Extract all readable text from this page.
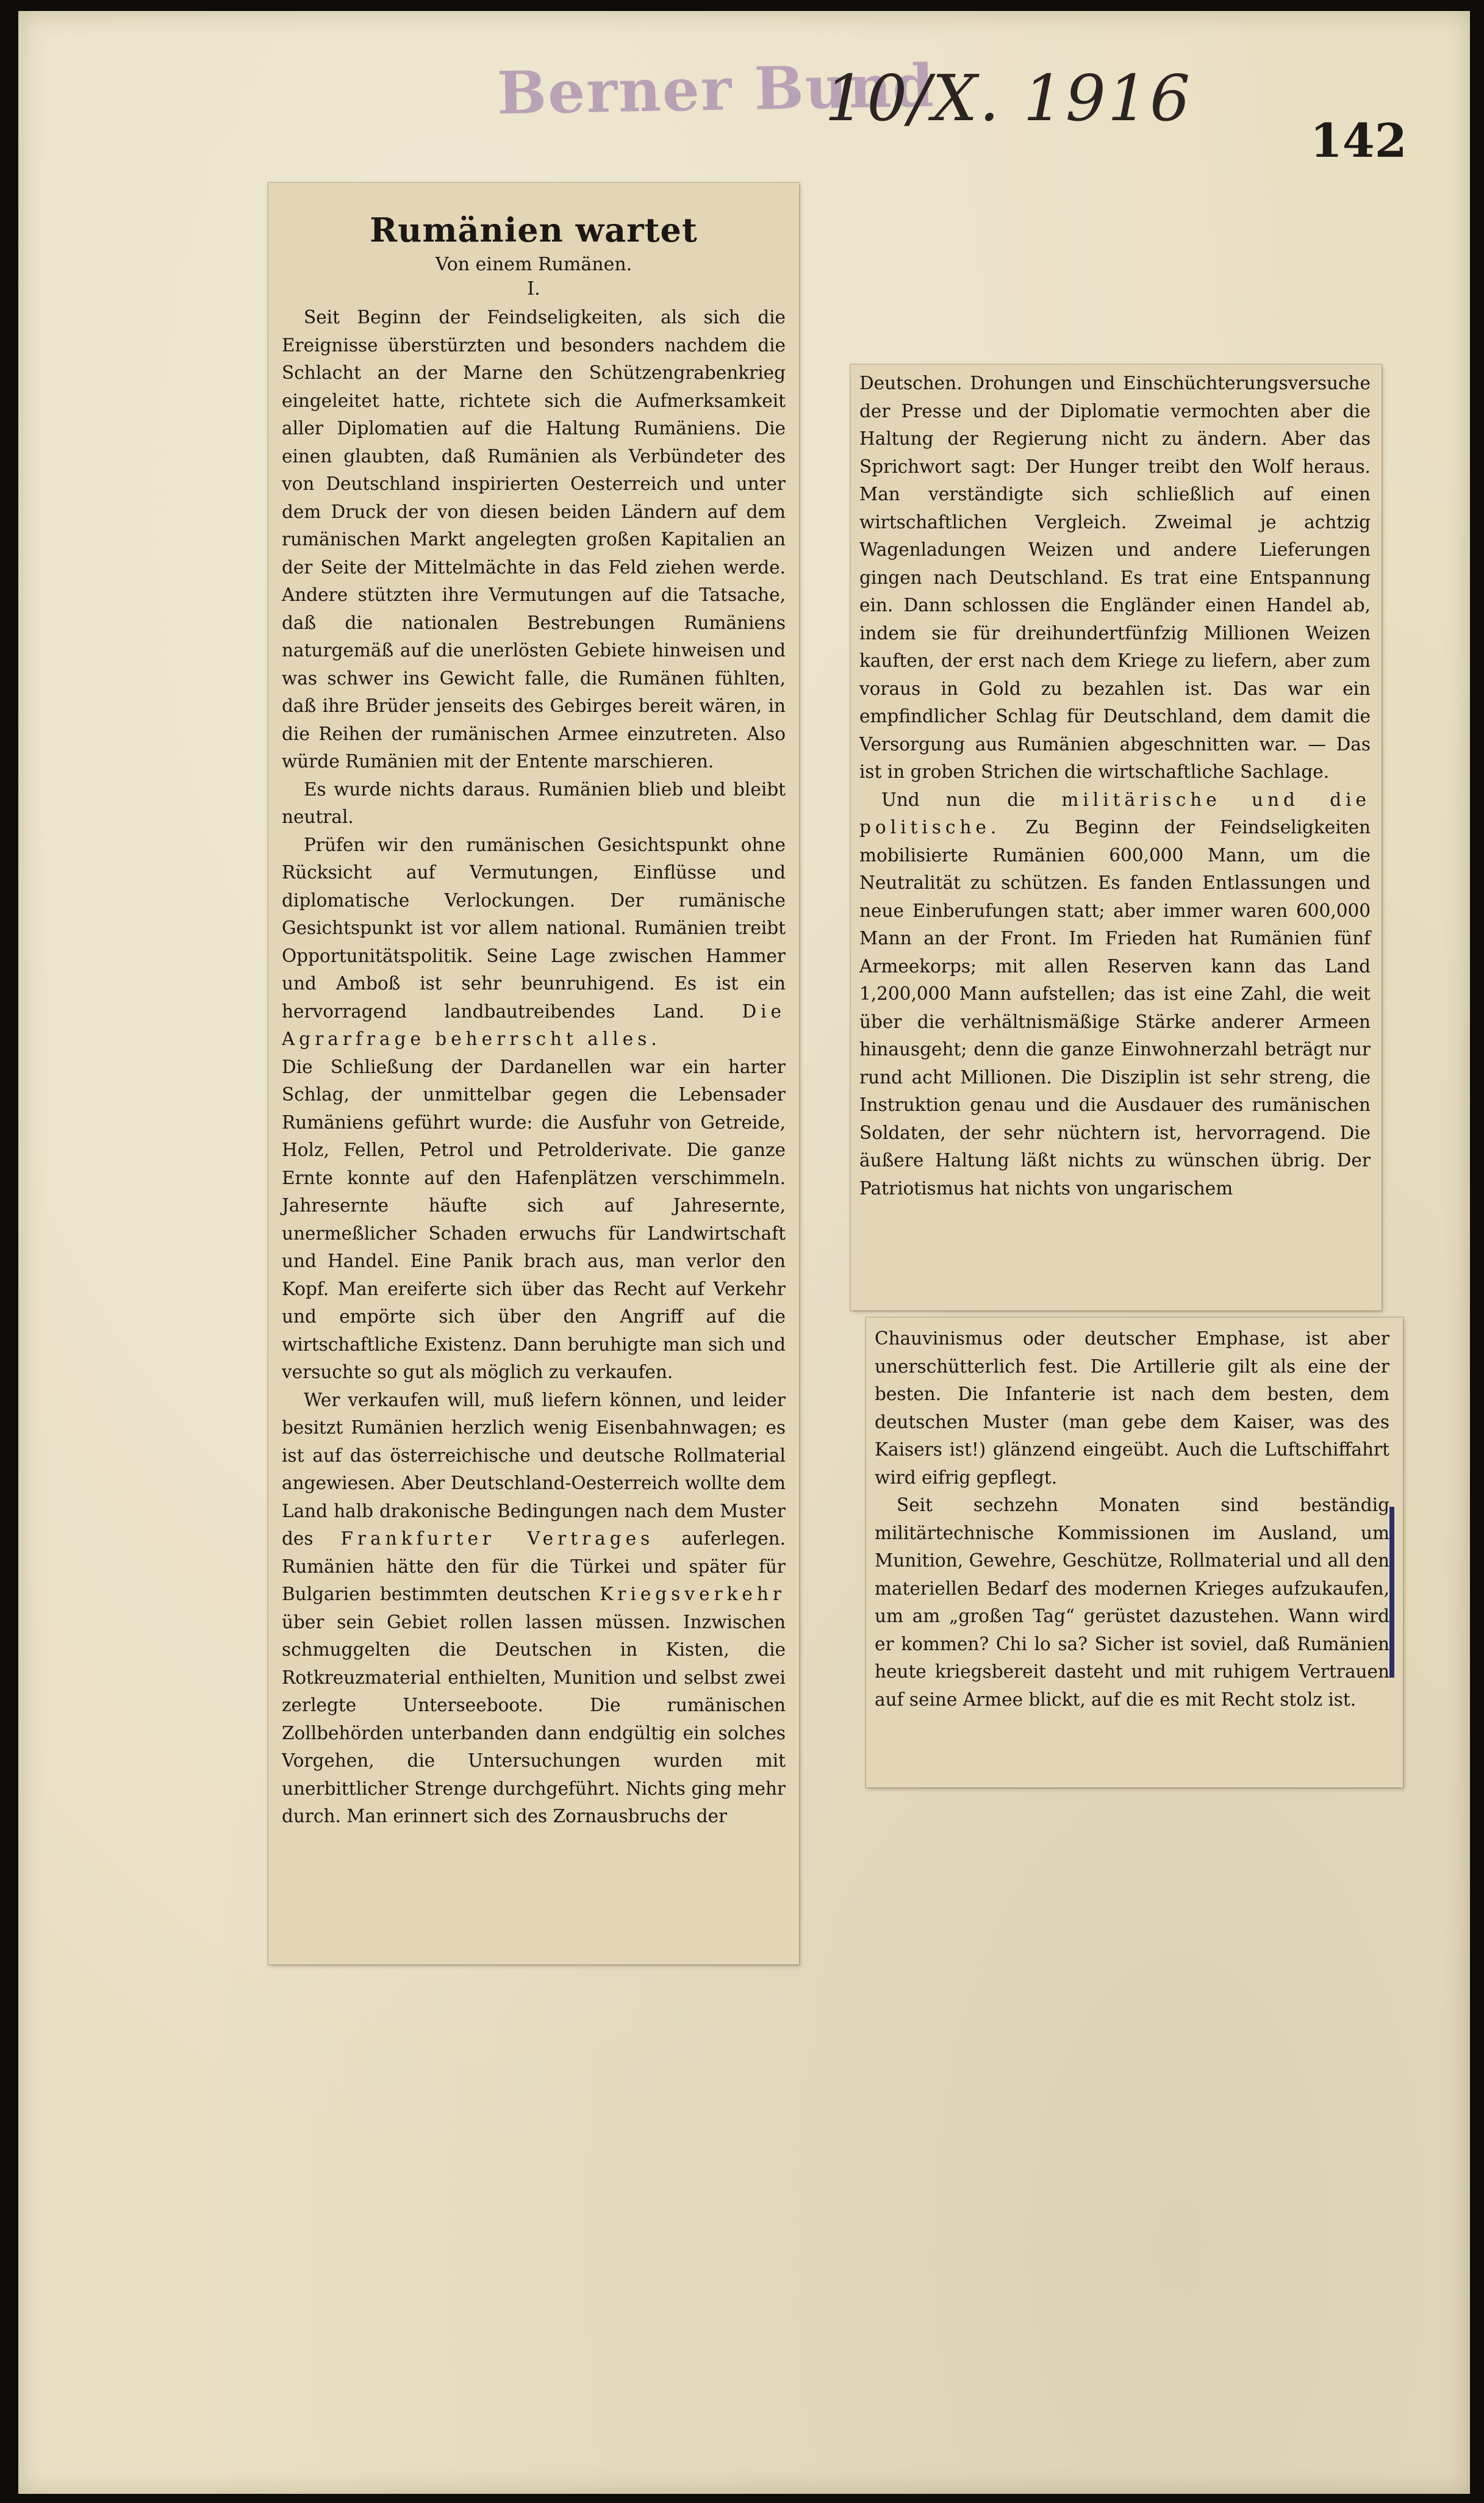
Berner Bund
10/X. 1916
142
Rumänien wartet
Von einem Rumänen.
I.

Seit Beginn der Feindseligkeiten, als sich die Ereignisse überstürzten und besonders nachdem die Schlacht an der Marne den Schützengrabenkrieg eingeleitet hatte, richtete sich die Aufmerksamkeit aller Diplomatien auf die Haltung Rumäniens. Die einen glaubten, daß Rumänien als Verbündeter des von Deutschland inspirierten Oesterreich und unter dem Druck der von diesen beiden Ländern auf dem rumänischen Markt angelegten großen Kapitalien an der Seite der Mittelmächte in das Feld ziehen werde. Andere stützten ihre Vermutungen auf die Tatsache, daß die nationalen Bestrebungen Rumäniens naturgemäß auf die unerlösten Gebiete hinweisen und was schwer ins Gewicht falle, die Rumänen fühlten, daß ihre Brüder jenseits des Gebirges bereit wären, in die Reihen der rumänischen Armee einzutreten. Also würde Rumänien mit der Entente marschieren.

Es wurde nichts daraus. Rumänien blieb und bleibt neutral.

Prüfen wir den rumänischen Gesichtspunkt ohne Rücksicht auf Vermutungen, Einflüsse und diplomatische Verlockungen. Der rumänische Gesichtspunkt ist vor allem national. Rumänien treibt Opportunitätspolitik. Seine Lage zwischen Hammer und Amboß ist sehr beunruhigend. Es ist ein hervorragend landbautreibendes Land. Die Agrarfrage beherrscht alles.

Die Schließung der Dardanellen war ein harter Schlag, der unmittelbar gegen die Lebensader Rumäniens geführt wurde: die Ausfuhr von Getreide, Holz, Fellen, Petrol und Petrolderivate. Die ganze Ernte konnte auf den Hafenplätzen verschimmeln. Jahresernte häufte sich auf Jahresernte, unermeßlicher Schaden erwuchs für Landwirtschaft und Handel. Eine Panik brach aus, man verlor den Kopf. Man ereiferte sich über das Recht auf Verkehr und empörte sich über den Angriff auf die wirtschaftliche Existenz. Dann beruhigte man sich und versuchte so gut als möglich zu verkaufen.

Wer verkaufen will, muß liefern können, und leider besitzt Rumänien herzlich wenig Eisenbahnwagen; es ist auf das österreichische und deutsche Rollmaterial angewiesen. Aber Deutschland-Oesterreich wollte dem Land halb drakonische Bedingungen nach dem Muster des Frankfurter Vertrages auferlegen. Rumänien hätte den für die Türkei und später für Bulgarien bestimmten deutschen Kriegsverkehr über sein Gebiet rollen lassen müssen. Inzwischen schmuggelten die Deutschen in Kisten, die Rotkreuzmaterial enthielten, Munition und selbst zwei zerlegte Unterseeboote. Die rumänischen Zollbehörden unterbanden dann endgültig ein solches Vorgehen, die Untersuchungen wurden mit unerbittlicher Strenge durchgeführt. Nichts ging mehr durch. Man erinnert sich des Zornausbruchs der

Deutschen. Drohungen und Einschüchterungsversuche der Presse und der Diplomatie vermochten aber die Haltung der Regierung nicht zu ändern. Aber das Sprichwort sagt: Der Hunger treibt den Wolf heraus. Man verständigte sich schließlich auf einen wirtschaftlichen Vergleich. Zweimal je achtzig Wagenladungen Weizen und andere Lieferungen gingen nach Deutschland. Es trat eine Entspannung ein. Dann schlossen die Engländer einen Handel ab, indem sie für dreihundertfünfzig Millionen Weizen kauften, der erst nach dem Kriege zu liefern, aber zum voraus in Gold zu bezahlen ist. Das war ein empfindlicher Schlag für Deutschland, dem damit die Versorgung aus Rumänien abgeschnitten war. — Das ist in groben Strichen die wirtschaftliche Sachlage.

Und nun die militärische und die politische. Zu Beginn der Feindseligkeiten mobilisierte Rumänien 600,000 Mann, um die Neutralität zu schützen. Es fanden Entlassungen und neue Einberufungen statt; aber immer waren 600,000 Mann an der Front. Im Frieden hat Rumänien fünf Armeekorps; mit allen Reserven kann das Land 1,200,000 Mann aufstellen; das ist eine Zahl, die weit über die verhältnismäßige Stärke anderer Armeen hinausgeht; denn die ganze Einwohnerzahl beträgt nur rund acht Millionen. Die Disziplin ist sehr streng, die Instruktion genau und die Ausdauer des rumänischen Soldaten, der sehr nüchtern ist, hervorragend. Die äußere Haltung läßt nichts zu wünschen übrig. Der Patriotismus hat nichts von ungarischem

Chauvinismus oder deutscher Emphase, ist aber unerschütterlich fest. Die Artillerie gilt als eine der besten. Die Infanterie ist nach dem besten, dem deutschen Muster (man gebe dem Kaiser, was des Kaisers ist!) glänzend eingeübt. Auch die Luftschiffahrt wird eifrig gepflegt.

Seit sechzehn Monaten sind beständig militärtechnische Kommissionen im Ausland, um Munition, Gewehre, Geschütze, Rollmaterial und all den materiellen Bedarf des modernen Krieges aufzukaufen, um am „großen Tag“ gerüstet dazustehen. Wann wird er kommen? Chi lo sa? Sicher ist soviel, daß Rumänien heute kriegsbereit dasteht und mit ruhigem Vertrauen auf seine Armee blickt, auf die es mit Recht stolz ist.
